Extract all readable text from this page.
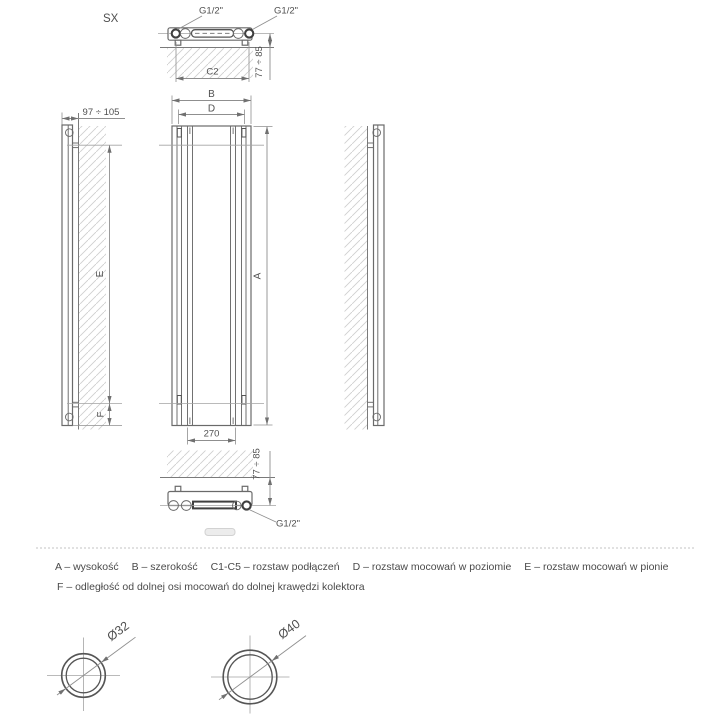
SX
G1/2"	G1/2"
C2	77 ÷ 85
B
D
A
270
97 ÷ 105
E
F
77 ÷ 85
G1/2"
Ø32	Ø40
A – wysokość B – szerokość C1-C5 – rozstaw podłączeń D – rozstaw mocowań w poziomie E – rozstaw mocowań w pionie
F – odległość od dolnej osi mocowań do dolnej krawędzi kolektora
